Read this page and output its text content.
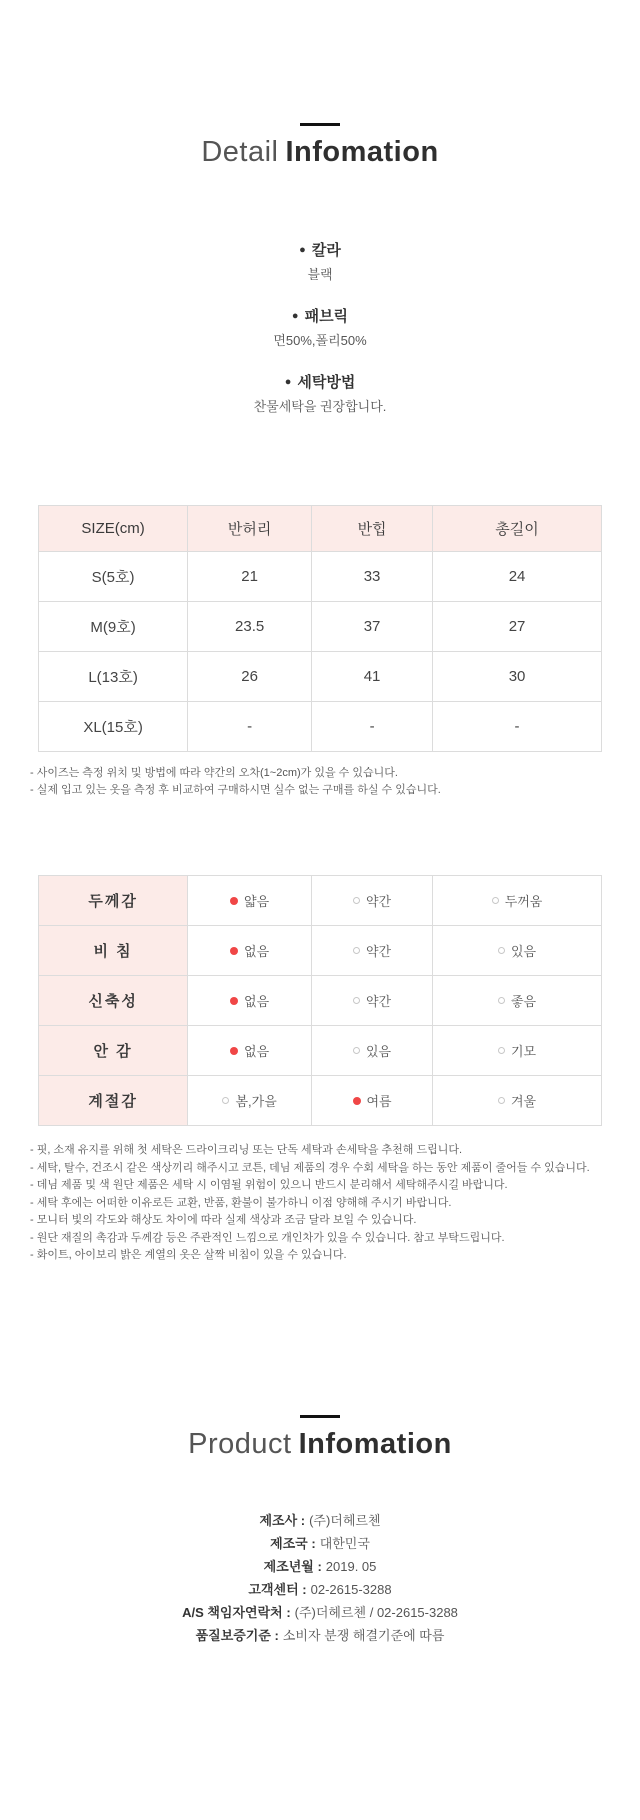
Detail Infomation
● 칼라
블랙
● 패브릭
면50%,폴리50%
● 세탁방법
찬물세탁을 권장합니다.
SIZE(cm)	반허리	반힙	총길이
S(5호)	21	33	24
M(9호)	23.5	37	27
L(13호)	26	41	30
XL(15호)	-	-	-
- 사이즈는 측정 위치 및 방법에 따라 약간의 오차(1~2cm)가 있을 수 있습니다.
- 실제 입고 있는 옷을 측정 후 비교하여 구매하시면 실수 없는 구매를 하실 수 있습니다.
두께감	얇음	약간	두꺼움

비 침	없음	약간	있음

신축성	없음	약간	좋음

안 감	없음	있음	기모

계절감	봄,가을	여름	겨울
- 핏, 소재 유지를 위해 첫 세탁은 드라이크리닝 또는 단독 세탁과 손세탁을 추천해 드립니다.
- 세탁, 탈수, 건조시 같은 색상끼리 해주시고 코튼, 데님 제품의 경우 수회 세탁을 하는 동안 제품이 줄어들 수 있습니다.
- 데님 제품 및 색 원단 제품은 세탁 시 이염될 위험이 있으니 반드시 분리해서 세탁해주시길 바랍니다.
- 세탁 후에는 어떠한 이유로든 교환, 반품, 환불이 불가하니 이점 양해해 주시기 바랍니다.
- 모니터 빛의 각도와 해상도 차이에 따라 실제 색상과 조금 달라 보일 수 있습니다.
- 원단 재질의 촉감과 두께감 등은 주관적인 느낌으로 개인차가 있을 수 있습니다. 참고 부탁드립니다.
- 화이트, 아이보리 밝은 계열의 옷은 살짝 비침이 있을 수 있습니다.
Product Infomation
제조사 : (주)더헤르첸
제조국 : 대한민국
제조년월 : 2019. 05
고객센터 : 02-2615-3288
A/S 책임자연락처 : (주)더헤르첸 / 02-2615-3288
품질보증기준 : 소비자 분쟁 해결기준에 따름
